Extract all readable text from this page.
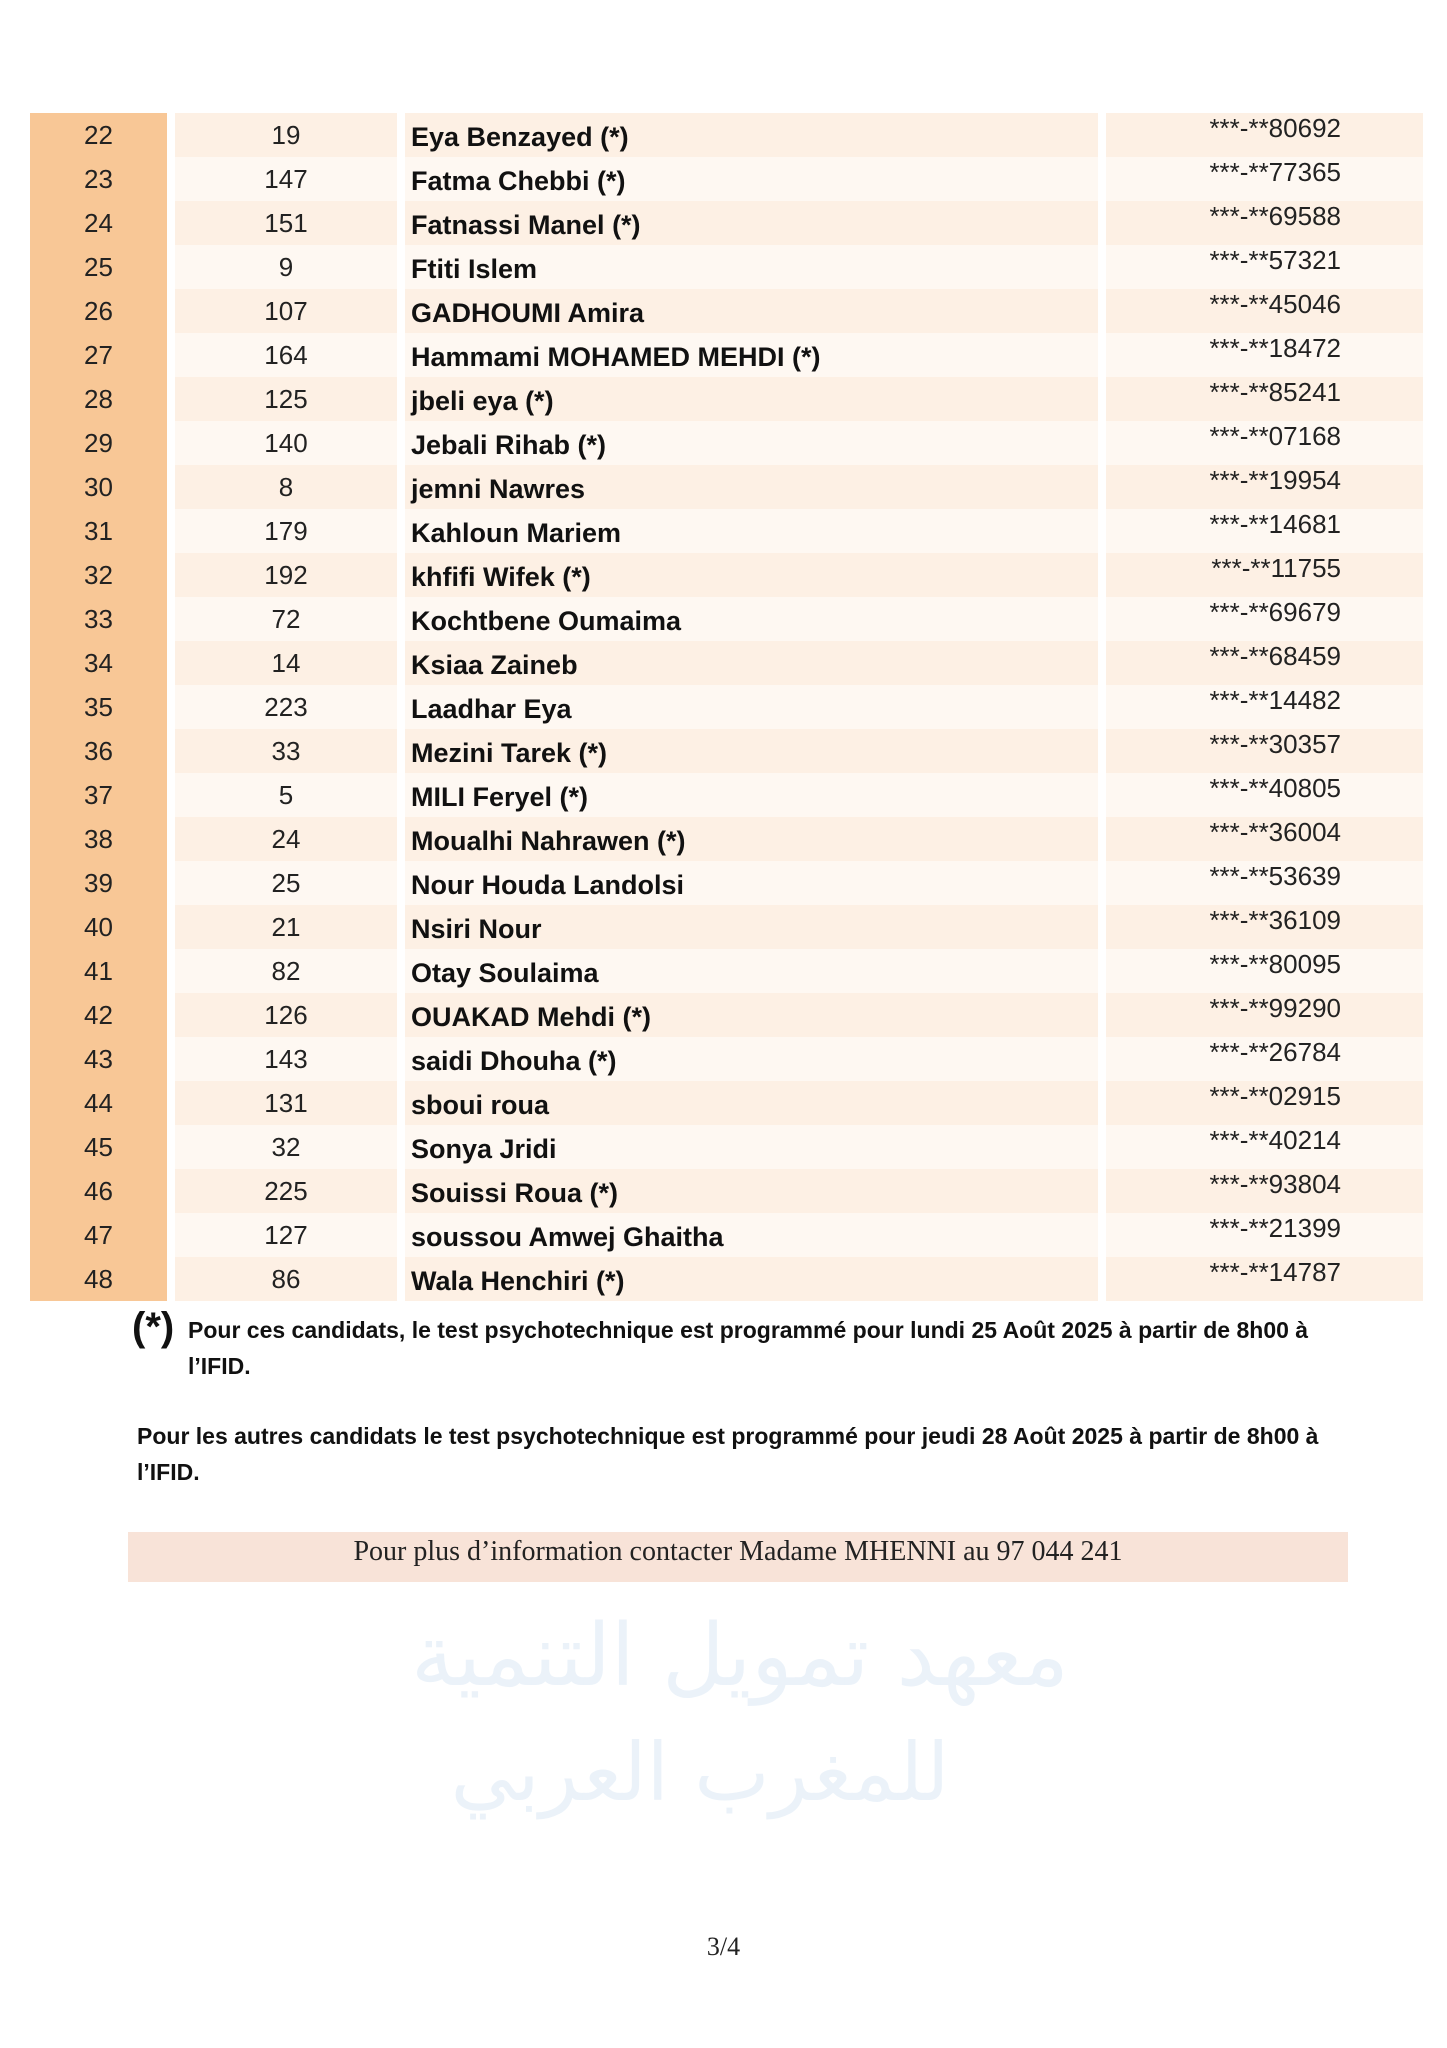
22	19	Eya Benzayed (*)	***-**80692
23	147	Fatma Chebbi (*)	***-**77365
24	151	Fatnassi Manel (*)	***-**69588
25	9	Ftiti Islem	***-**57321
26	107	GADHOUMI Amira	***-**45046
27	164	Hammami MOHAMED MEHDI (*)	***-**18472
28	125	jbeli eya (*)	***-**85241
29	140	Jebali Rihab (*)	***-**07168
30	8	jemni Nawres	***-**19954
31	179	Kahloun Mariem	***-**14681
32	192	khfifi Wifek (*)	***-**11755
33	72	Kochtbene Oumaima	***-**69679
34	14	Ksiaa Zaineb	***-**68459
35	223	Laadhar Eya	***-**14482
36	33	Mezini Tarek (*)	***-**30357
37	5	MILI Feryel (*)	***-**40805
38	24	Moualhi Nahrawen (*)	***-**36004
39	25	Nour Houda Landolsi	***-**53639
40	21	Nsiri Nour	***-**36109
41	82	Otay Soulaima	***-**80095
42	126	OUAKAD Mehdi (*)	***-**99290
43	143	saidi Dhouha (*)	***-**26784
44	131	sboui roua	***-**02915
45	32	Sonya Jridi	***-**40214
46	225	Souissi Roua (*)	***-**93804
47	127	soussou Amwej Ghaitha	***-**21399
48	86	Wala Henchiri (*)	***-**14787
(*) Pour ces candidats, le test psychotechnique est programmé pour lundi 25 Août 2025 à partir de 8h00 à l’IFID.
Pour les autres candidats le test psychotechnique est programmé pour jeudi 28 Août 2025 à partir de 8h00 à l’IFID.
Pour plus d’information contacter Madame MHENNI au 97 044 241
معهد تمويل التنمية
للمغرب العربي
3/4
